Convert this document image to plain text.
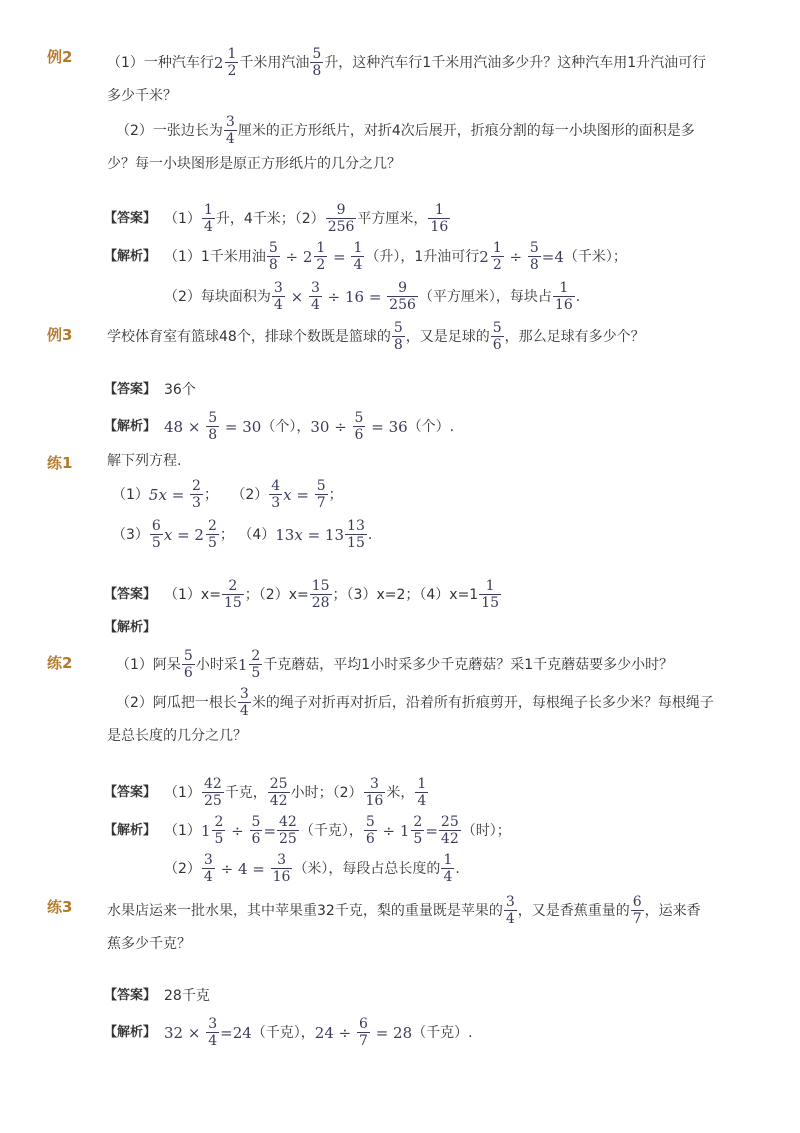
例2 （1）一种汽车行 2 1
2
千米用汽油
5
8
升，这种汽车行1千米用汽油多少升？这种汽车用1升汽油可行
多少千米？
（2）一张边长为
3
4
厘米的正方形纸片，对折4次后展开，折痕分割的每一小块图形的面积是多
少？每一小块图形是原正方形纸片的几分之几？
【答案】 （1）
1
4
升，4千米；（2）
9
256
平方厘米，
1
16
【解析】 （1）1千米用油 $\frac{5}{8} \div 2$ 1
$2 = \frac{1}{4}$ （升），1升油可行 2 1
$2 \div \frac{5}{8} =4$ （千米）；
（2）每块面积为 $\frac{3}{4} \times \frac{3}{4} \div 16 = \frac{9}{256}$ （平方厘米），每块占
1
16
.
例3 学校体育室有篮球48个，排球个数既是篮球的
5
8
，又是足球的
5
6
，那么足球有多少个？
【答案】 36个
【解析】 $48 \times \frac{5}{8} = 30$ （个）， $30 \div \frac{5}{6} = 36$ （个）.
练1 解下列方程.
（1） $5x = \frac{2}{3}$ ； （2）
4
3 $x = \frac{5}{7}$ ；
（3）
6
5 x = 2 2
5
； （4） 13x = 13 13
15
.
【答案】 $(1)x= \frac{2}{15}$ ；$(2)x= \frac{15}{28}$ ；（3）x=2；（4）x=1
1
15
【解析】
练2	（1）阿呆
5
6
小时采 1 2
5
千克蘑菇，平均1小时采多少千克蘑菇？采1千克蘑菇要多少小时？
（2）阿瓜把一根长
3
4
米的绳子对折再对折后，沿着所有折痕剪开，每根绳子长多少米？每根绳子
是总长度的几分之几？
【答案】 （1）
42
25
千克，
25
42
小时；（2）
3
16
米，
1
4
【解析】 （1） 1 2
$5 \div \frac{5}{6} = \frac{42}{25}$ （千克）， $\frac{5}{6} \div 1$ 2
$5 = \frac{25}{42}$ （时）；
$(2) \frac{3}{4} \div 4 = \frac{3}{16}$ （米），每段占总长度的
1
4
.
练3 水果店运来一批水果，其中苹果重32千克，梨的重量既是苹果的
3
4
，又是香蕉重量的
6
7
，运来香
蕉多少千克？
【答案】 28千克
【解析】 $32 \times \frac{3}{4} =24$ （千克）， $24 \div \frac{6}{7} = 28$ （千克）.
